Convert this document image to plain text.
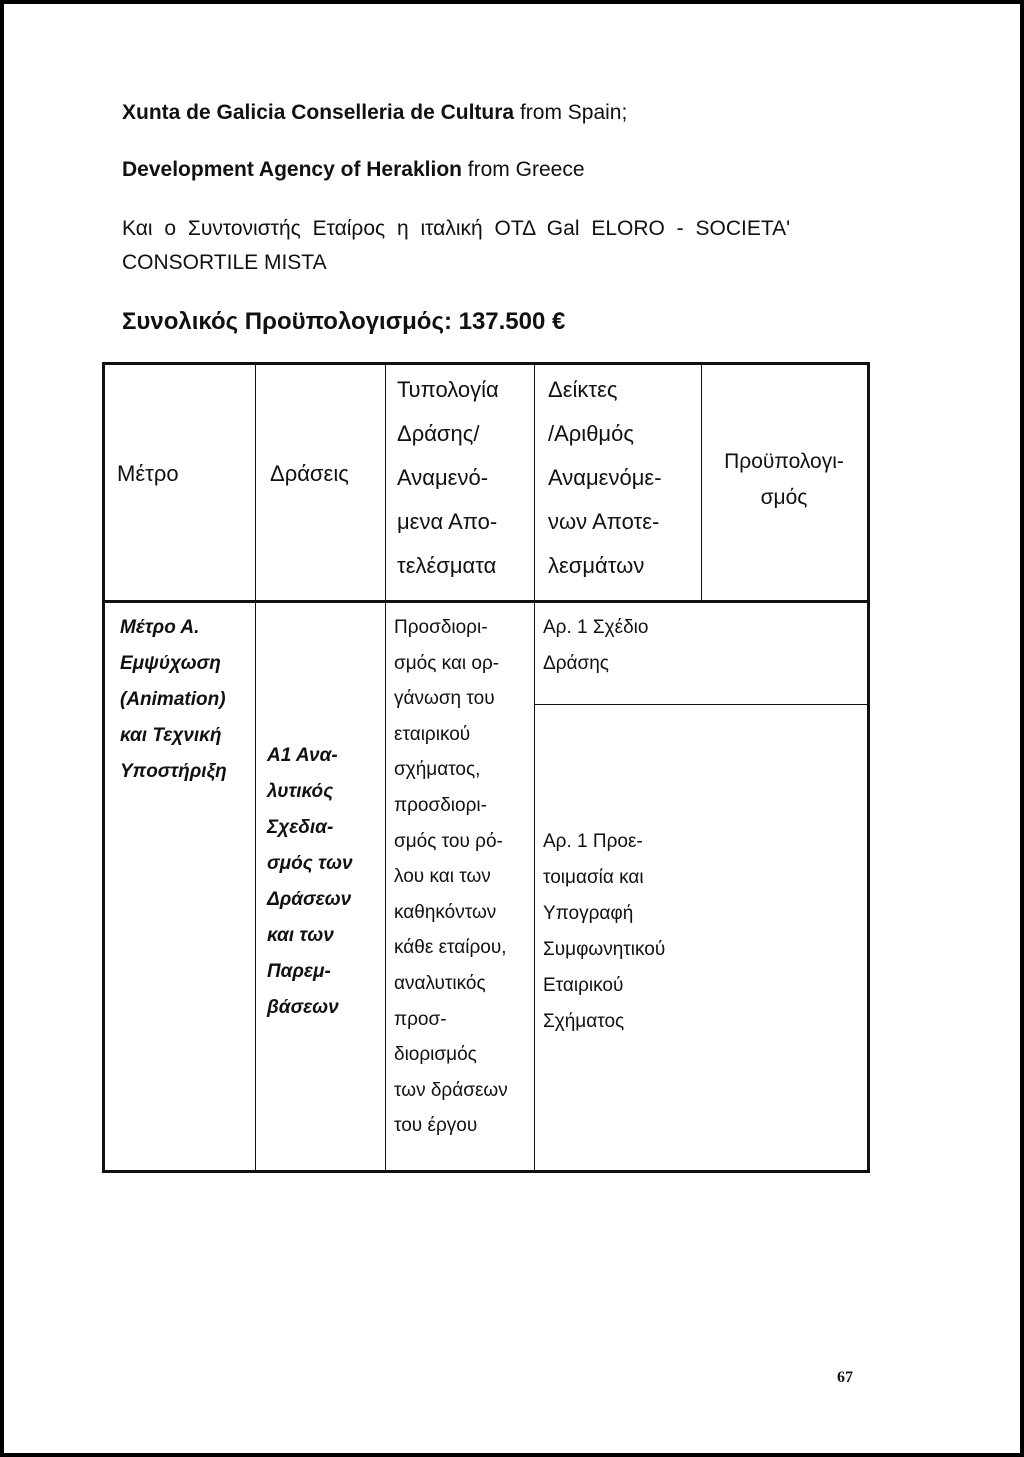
Xunta de Galicia Conselleria de Cultura from Spain;
Development Agency of Heraklion from Greece
Και ο Συντονιστής Εταίρος η ιταλική ΟΤΔ Gal ELORO - SOCIETA'
CONSORTILE MISTA
Συνολικός Προϋπολογισμός: 137.500 €
Μέτρο	Δράσεις
Τυπολογία
Δράσης/
Αναμενό-
μενα Απο-
τελέσματα
Δείκτες
/Αριθμός
Αναμενόμε-
νων Αποτε-
λεσμάτων
Προϋπολογι-
σμός
Μέτρο Α.
Εμψύχωση
(Animation)
και Τεχνική
Υποστήριξη
Α1 Ανα-
λυτικός
Σχεδια-
σμός των
Δράσεων
και των
Παρεμ-
βάσεων
Προσδιορι-
σμός και ορ-
γάνωση του
εταιρικού
σχήματος,
προσδιορι-
σμός του ρό-
λου και των
καθηκόντων
κάθε εταίρου,
αναλυτικός
προσ-
διορισμός
των δράσεων
του έργου
Αρ. 1 Σχέδιο
Δράσης
Αρ. 1 Προε-
τοιμασία και
Υπογραφή
Συμφωνητικού
Εταιρικού
Σχήματος
67
